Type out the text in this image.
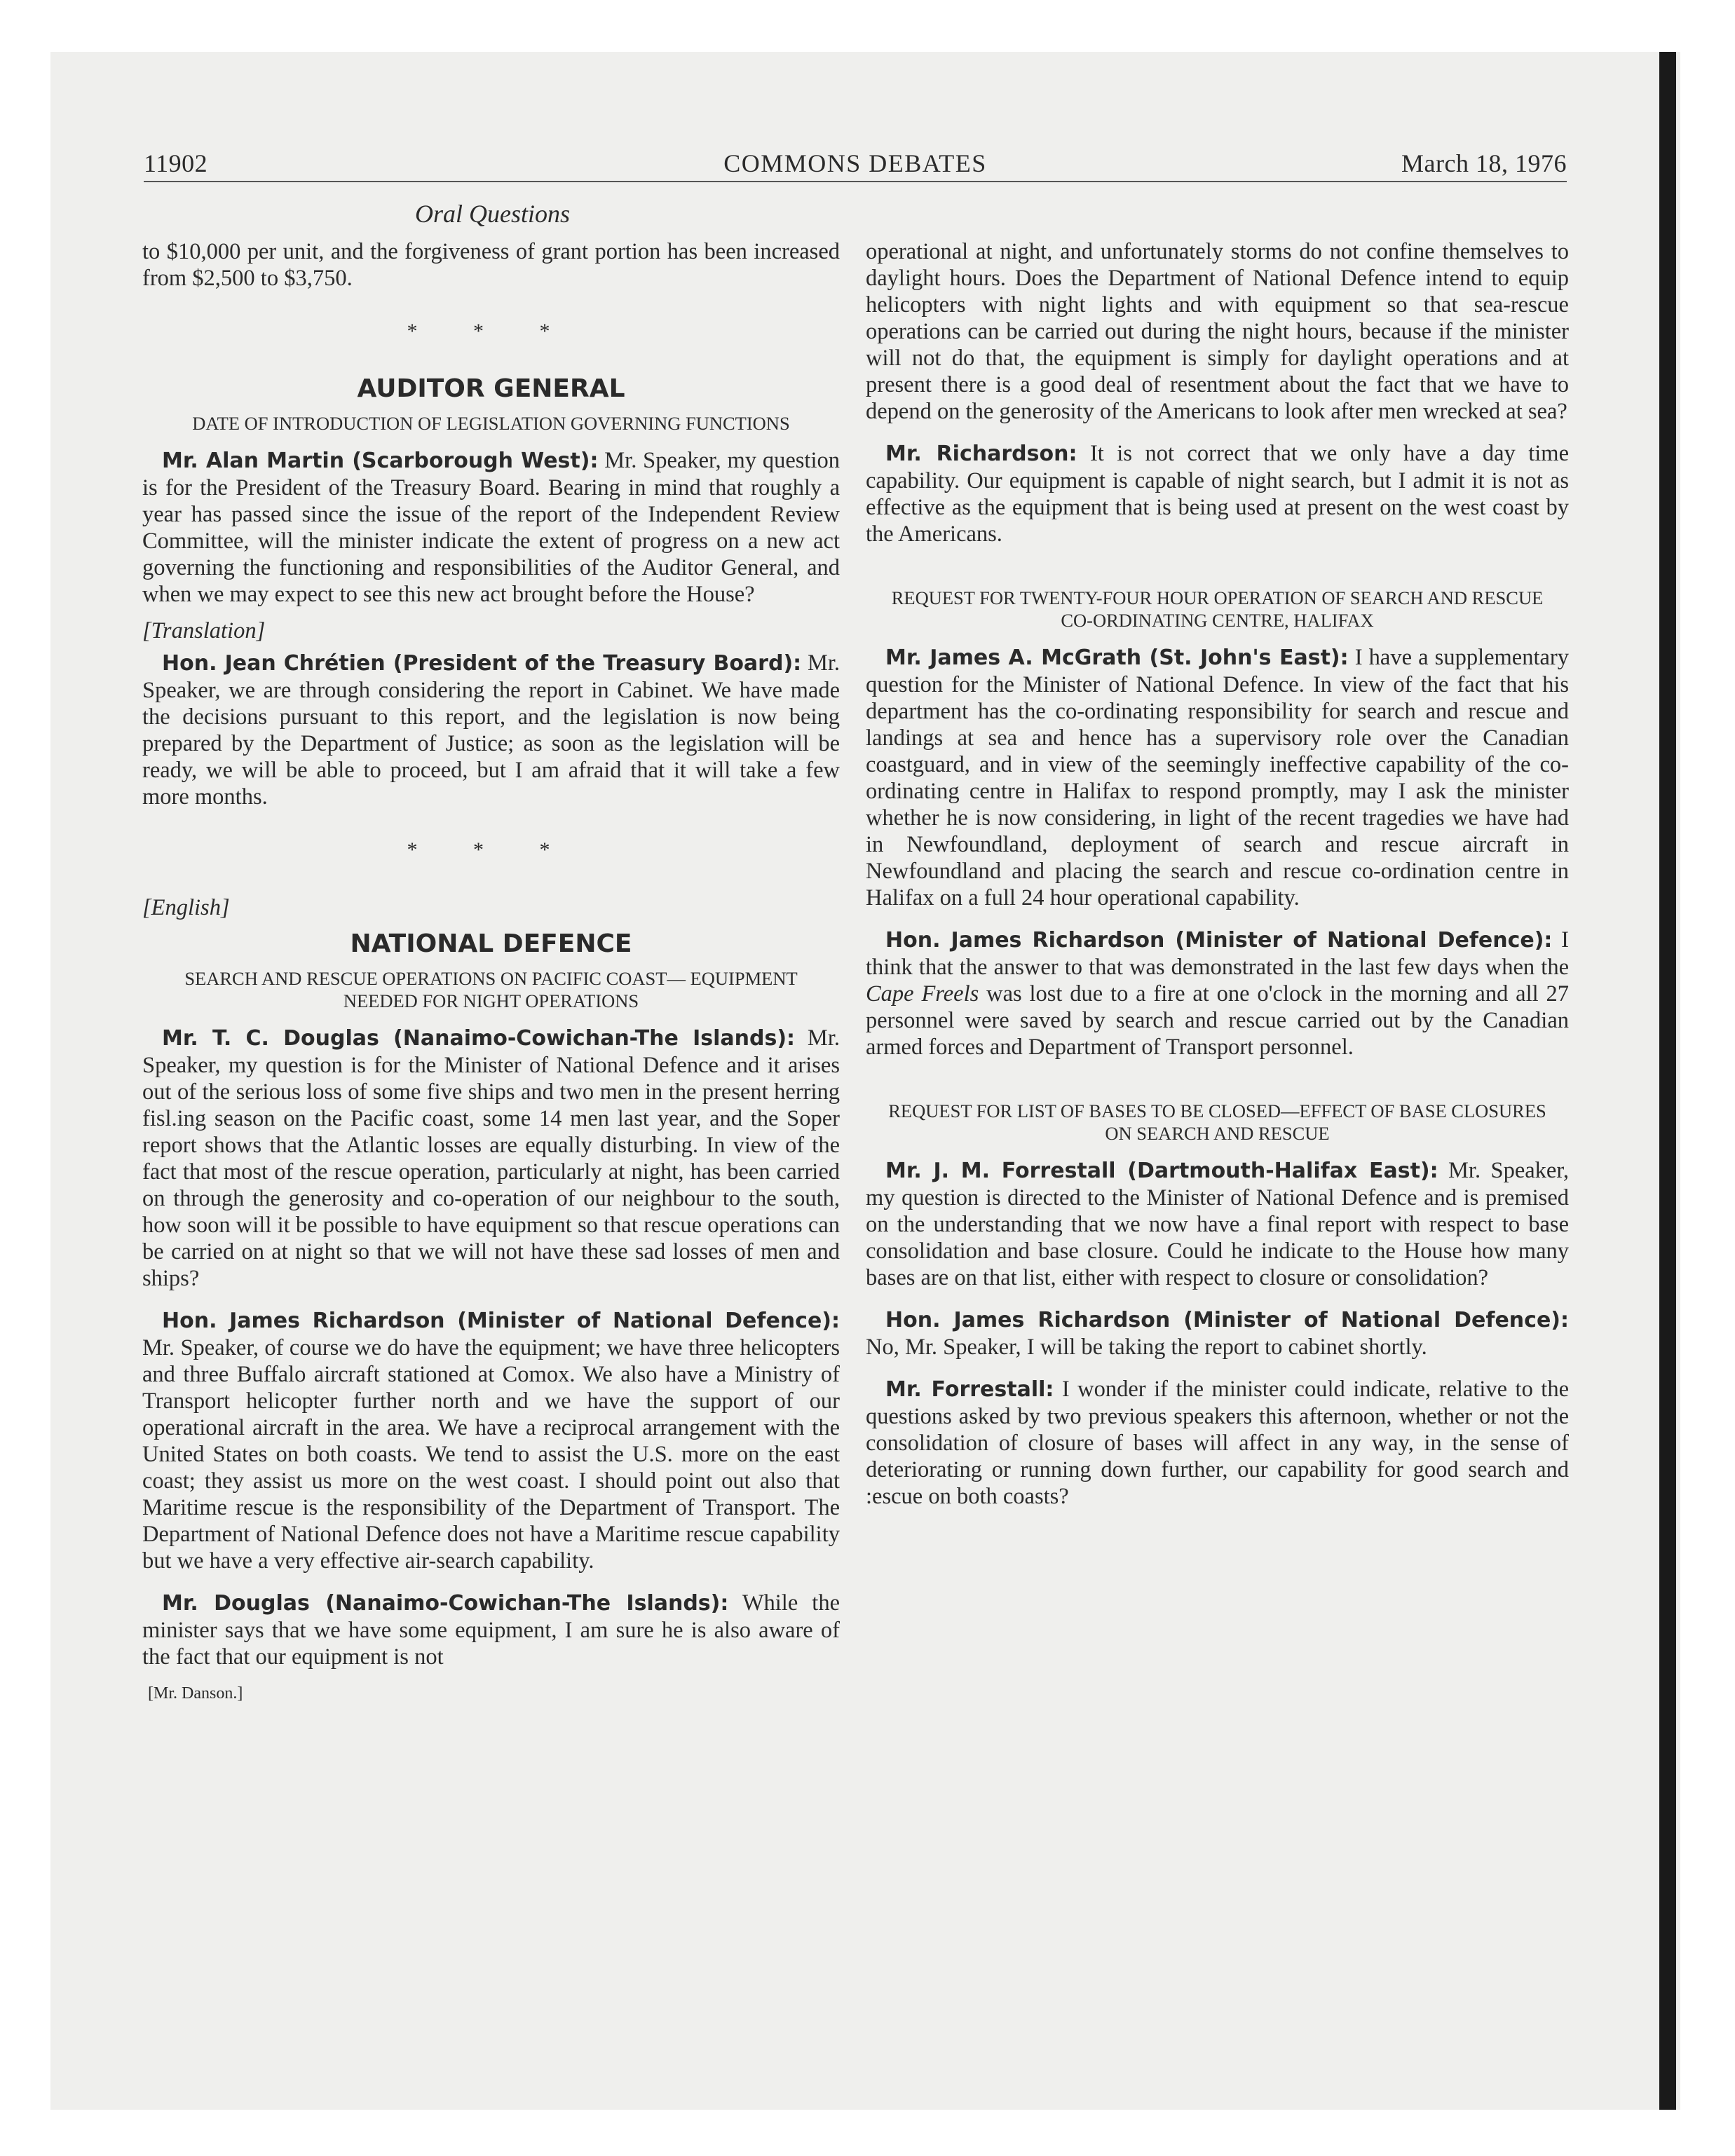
COMMONS DEBATES
11902	March 18, 1976
Oral Questions

to $10,000 per unit, and the forgiveness of grant portion has been increased from $2,500 to $3,750.

* * *
AUDITOR GENERAL
DATE OF INTRODUCTION OF LEGISLATION GOVERNING FUNCTIONS

Mr. Alan Martin (Scarborough West): Mr. Speaker, my question is for the President of the Treasury Board. Bearing in mind that roughly a year has passed since the issue of the report of the Independent Review Committee, will the minister indicate the extent of progress on a new act governing the functioning and responsibilities of the Auditor General, and when we may expect to see this new act brought before the House?

[Translation]

Hon. Jean Chrétien (President of the Treasury Board): Mr. Speaker, we are through considering the report in Cabinet. We have made the decisions pursuant to this report, and the legislation is now being prepared by the Department of Justice; as soon as the legislation will be ready, we will be able to proceed, but I am afraid that it will take a few more months.

* * *
[English]
NATIONAL DEFENCE
SEARCH AND RESCUE OPERATIONS ON PACIFIC COAST— EQUIPMENT NEEDED FOR NIGHT OPERATIONS

Mr. T. C. Douglas (Nanaimo-Cowichan-The Islands): Mr. Speaker, my question is for the Minister of National Defence and it arises out of the serious loss of some five ships and two men in the present herring fisl.ing season on the Pacific coast, some 14 men last year, and the Soper report shows that the Atlantic losses are equally disturbing. In view of the fact that most of the rescue operation, particularly at night, has been carried on through the generosity and co-operation of our neighbour to the south, how soon will it be possible to have equipment so that rescue operations can be carried on at night so that we will not have these sad losses of men and ships?

Hon. James Richardson (Minister of National Defence): Mr. Speaker, of course we do have the equipment; we have three helicopters and three Buffalo aircraft stationed at Comox. We also have a Ministry of Transport helicopter further north and we have the support of our operational aircraft in the area. We have a reciprocal arrangement with the United States on both coasts. We tend to assist the U.S. more on the east coast; they assist us more on the west coast. I should point out also that Maritime rescue is the responsibility of the Department of Transport. The Department of National Defence does not have a Maritime rescue capability but we have a very effective air-search capability.

Mr. Douglas (Nanaimo-Cowichan-The Islands): While the minister says that we have some equipment, I am sure he is also aware of the fact that our equipment is not

[Mr. Danson.]

operational at night, and unfortunately storms do not confine themselves to daylight hours. Does the Department of National Defence intend to equip helicopters with night lights and with equipment so that sea-rescue operations can be carried out during the night hours, because if the minister will not do that, the equipment is simply for daylight operations and at present there is a good deal of resentment about the fact that we have to depend on the generosity of the Americans to look after men wrecked at sea?

Mr. Richardson: It is not correct that we only have a day time capability. Our equipment is capable of night search, but I admit it is not as effective as the equipment that is being used at present on the west coast by the Americans.

REQUEST FOR TWENTY-FOUR HOUR OPERATION OF SEARCH AND RESCUE CO-ORDINATING CENTRE, HALIFAX

Mr. James A. McGrath (St. John's East): I have a supplementary question for the Minister of National Defence. In view of the fact that his department has the co-ordinating responsibility for search and rescue and landings at sea and hence has a supervisory role over the Canadian coastguard, and in view of the seemingly ineffective capability of the co-ordinating centre in Halifax to respond promptly, may I ask the minister whether he is now considering, in light of the recent tragedies we have had in Newfoundland, deployment of search and rescue aircraft in Newfoundland and placing the search and rescue co-ordination centre in Halifax on a full 24 hour operational capability.

Hon. James Richardson (Minister of National Defence): I think that the answer to that was demonstrated in the last few days when the Cape Freels was lost due to a fire at one o'clock in the morning and all 27 personnel were saved by search and rescue carried out by the Canadian armed forces and Department of Transport personnel.

REQUEST FOR LIST OF BASES TO BE CLOSED—EFFECT OF BASE CLOSURES ON SEARCH AND RESCUE

Mr. J. M. Forrestall (Dartmouth-Halifax East): Mr. Speaker, my question is directed to the Minister of National Defence and is premised on the understanding that we now have a final report with respect to base consolidation and base closure. Could he indicate to the House how many bases are on that list, either with respect to closure or consolidation?

Hon. James Richardson (Minister of National Defence): No, Mr. Speaker, I will be taking the report to cabinet shortly.

Mr. Forrestall: I wonder if the minister could indicate, relative to the questions asked by two previous speakers this afternoon, whether or not the consolidation of closure of bases will affect in any way, in the sense of deteriorating or running down further, our capability for good search and :escue on both coasts?
